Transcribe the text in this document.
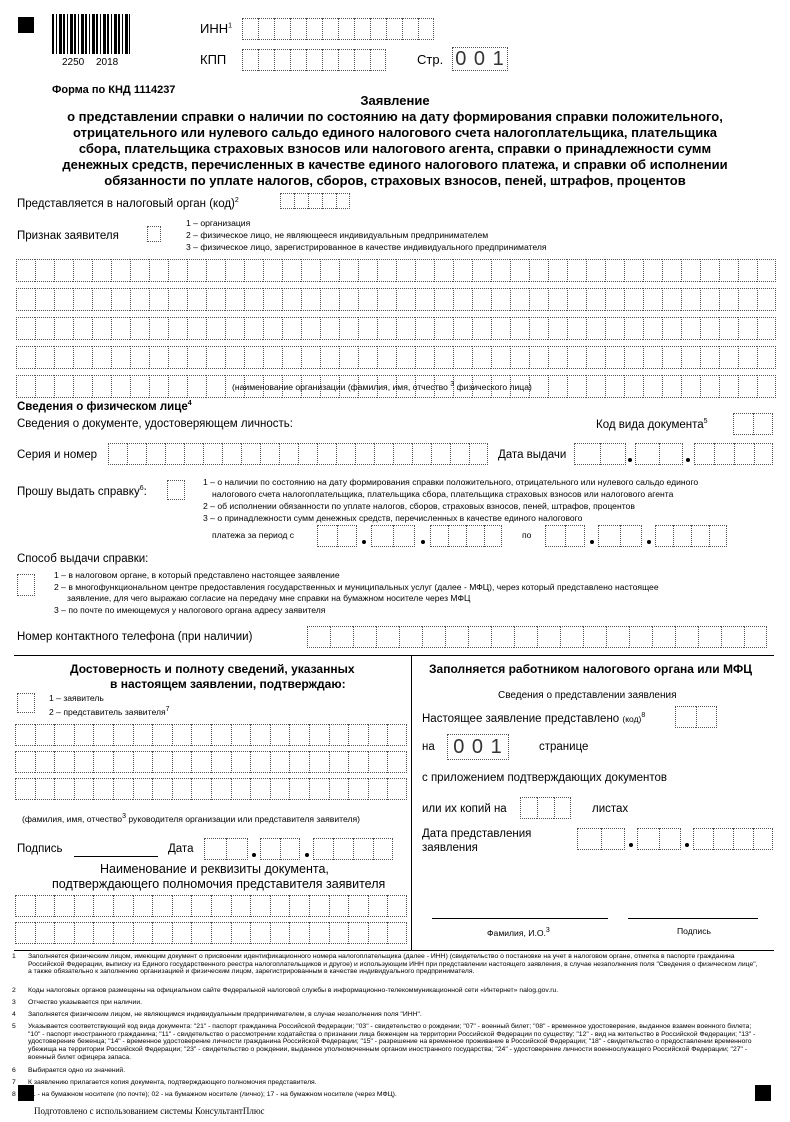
2250 2018
ИНН$^1$
КПП	Стр. 0 0 1
Форма по КНД 1114237
Заявление
о представлении справки о наличии по состоянию на дату формирования справки положительного,
отрицательного или нулевого сальдо единого налогового счета налогоплательщика, плательщика
сбора, плательщика страховых взносов или налогового агента, справки о принадлежности сумм
денежных средств, перечисленных в качестве единого налогового платежа, и справки об исполнении
обязанности по уплате налогов, сборов, страховых взносов, пеней, штрафов, процентов
Представляется в налоговый орган (код)$^2$
Признак заявителя
1 – организация
2 – физическое лицо, не являющееся индивидуальным предпринимателем
3 – физическое лицо, зарегистрированное в качестве индивидуального предпринимателя
(наименование организации (фамилия, имя, отчество $^3$ физического лица)
Сведения о физическом лице$^4$
Сведения о документе, удостоверяющем личность:	Код вида документа$^5$
Серия и номер	Дата выдачи
Прошу выдать справку$^6$:
1 – о наличии по состоянию на дату формирования справки положительного, отрицательного или нулевого сальдо единого
налогового счета налогоплательщика, плательщика сбора, плательщика страховых взносов или налогового агента
2 – об исполнении обязанности по уплате налогов, сборов, страховых взносов, пеней, штрафов, процентов
3 – о принадлежности сумм денежных средств, перечисленных в качестве единого налогового
платежа за период с	по
Способ выдачи справки:
1 – в налоговом органе, в который представлено настоящее заявление
2 – в многофункциональном центре предоставления государственных и муниципальных услуг (далее - МФЦ), через который представлено настоящее
заявление, для чего выражаю согласие на передачу мне справки на бумажном носителе через МФЦ
3 – по почте по имеющемуся у налогового органа адресу заявителя
Номер контактного телефона (при наличии)
Достоверность и полноту сведений, указанных
в настоящем заявлении, подтверждаю:
1 – заявитель
2 – представитель заявителя$^7$
(фамилия, имя, отчество$^3$ руководителя организации или представителя заявителя)
Подпись	Дата
Наименование и реквизиты документа,
подтверждающего полномочия представителя заявителя
Заполняется работником налогового органа или МФЦ
Сведения о представлении заявления
Настоящее заявление представлено (код)$^8$
на 0 0 1	странице
с приложением подтверждающих документов
или их копий на	листах
Дата представления
заявления
Фамилия, И.О.$^3$	Подпись
1 Заполняется физическим лицом, имеющим документ о присвоении идентификационного номера налогоплательщика (далее - ИНН) (свидетельство о постановке на учет в налоговом органе, отметка в паспорте гражданина Российской Федерации, выписку из Единого государственного реестра налогоплательщиков и другое) и использующим ИНН при представлении настоящего заявления, в случае незаполнения поля "Сведения о физическом лице", а также обязательно к заполнению организацией и физическим лицом, зарегистрированным в качестве индивидуального предпринимателя.
2 Коды налоговых органов размещены на официальном сайте Федеральной налоговой службы в информационно-телекоммуникационной сети «Интернет» nalog.gov.ru.
3 Отчество указывается при наличии.
4 Заполняется физическим лицом, не являющимся индивидуальным предпринимателем, в случае незаполнения поля "ИНН".
5 Указывается соответствующий код вида документа: "21" - паспорт гражданина Российской Федерации; "03" - свидетельство о рождении; "07" - военный билет; "08" - временное удостоверение, выданное взамен военного билета; "10" - паспорт иностранного гражданина; "11" - свидетельство о рассмотрении ходатайства о признании лица беженцем на территории Российской Федерации по существу; "12" - вид на жительство в Российской Федерации; "13" - удостоверение беженца; "14" - временное удостоверение личности гражданина Российской Федерации; "15" - разрешение на временное проживание в Российской Федерации; "18" - свидетельство о предоставлении временного убежища на территории Российской Федерации; "23" - свидетельство о рождении, выданное уполномоченным органом иностранного государства; "24" - удостоверение личности военнослужащего Российской Федерации; "27" - военный билет офицера запаса.
6 Выбирается одно из значений.
7 К заявлению прилагается копия документа, подтверждающего полномочия представителя.
8 01 - на бумажном носителе (по почте); 02 - на бумажном носителе (лично); 17 - на бумажном носителе (через МФЦ).
Подготовлено с использованием системы КонсультантПлюс
